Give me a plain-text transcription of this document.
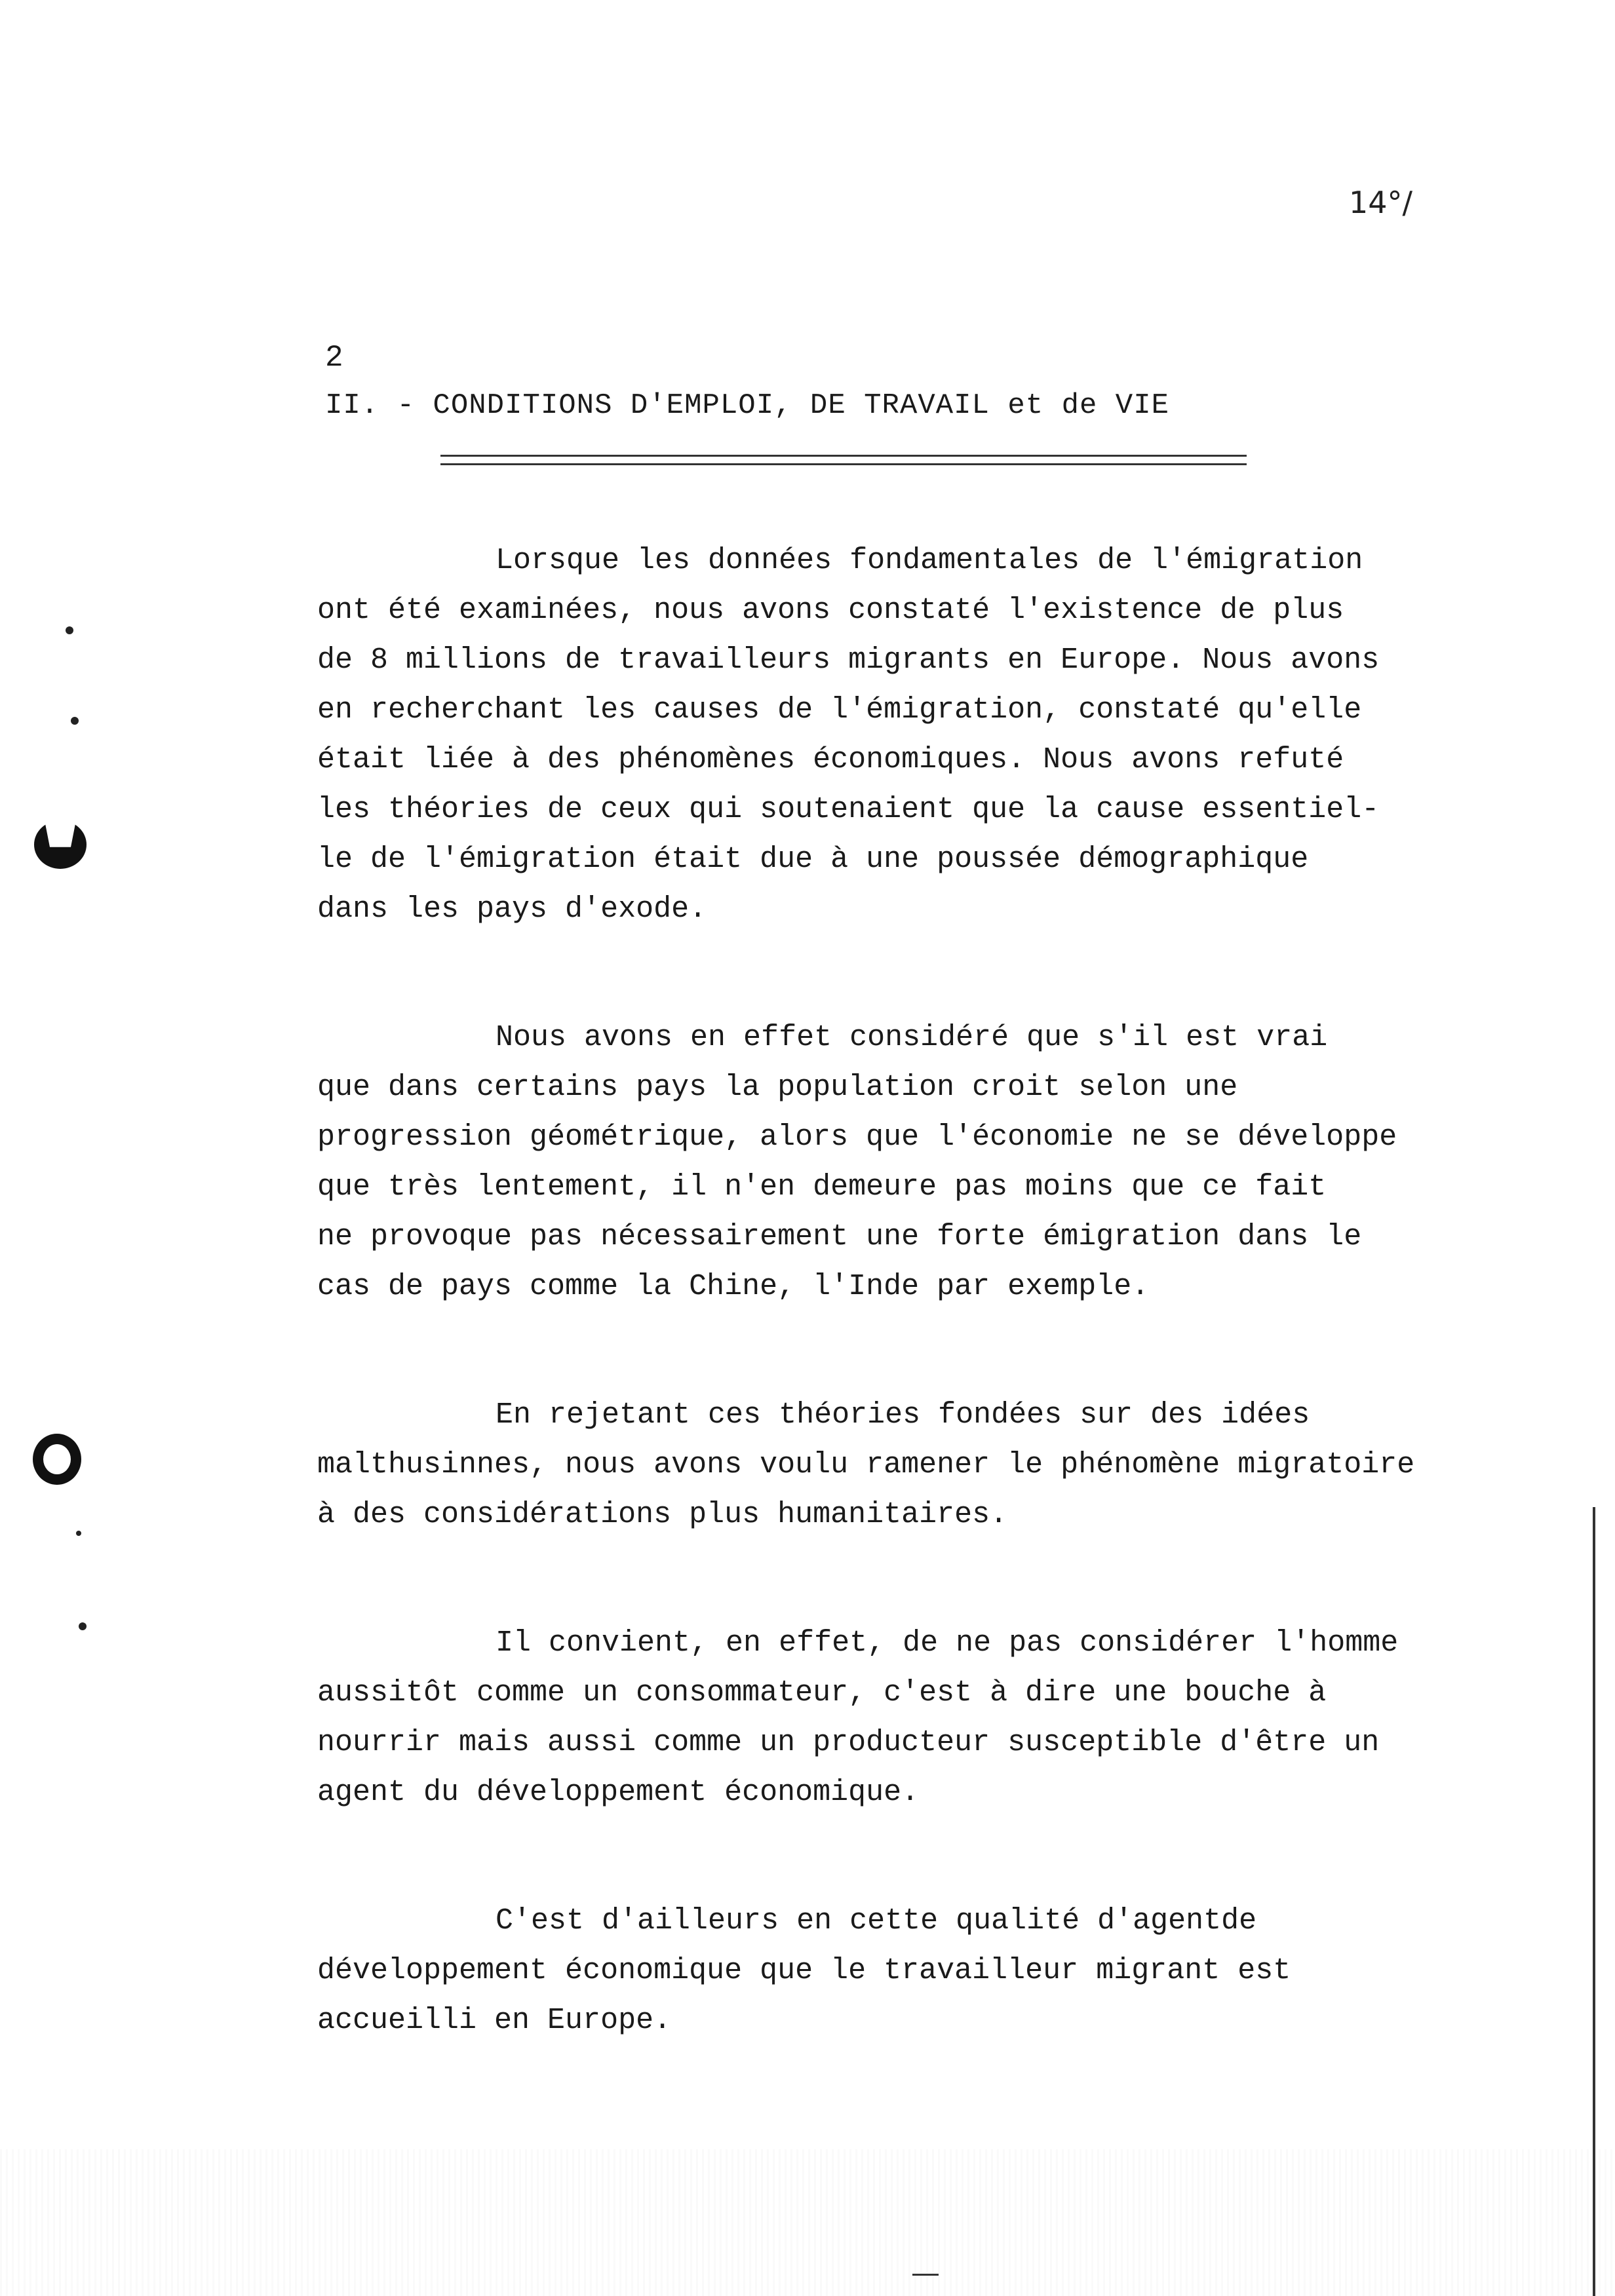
14°/
2
II. - CONDITIONS D'EMPLOI, DE TRAVAIL et de VIE
Lorsque les données fondamentales de l'émigration
ont été examinées, nous avons constaté l'existence de plus
de 8 millions de travailleurs migrants en Europe. Nous avons
en recherchant les causes de l'émigration, constaté qu'elle
était liée à des phénomènes économiques. Nous avons refuté
les théories de ceux qui soutenaient que la cause essentiel-
le de l'émigration était due à une poussée démographique
dans les pays d'exode.
Nous avons en effet considéré que s'il est vrai
que dans certains pays la population croit selon une
progression géométrique, alors que l'économie ne se développe
que très lentement, il n'en demeure pas moins que ce fait
ne provoque pas nécessairement une forte émigration dans le
cas de pays comme la Chine, l'Inde par exemple.
En rejetant ces théories fondées sur des idées
malthusinnes, nous avons voulu ramener le phénomène migratoire
à des considérations plus humanitaires.
Il convient, en effet, de ne pas considérer l'homme
aussitôt comme un consommateur, c'est à dire une bouche à
nourrir mais aussi comme un producteur susceptible d'être un
agent du développement économique.
C'est d'ailleurs en cette qualité d'agentde
développement économique que le travailleur migrant est
accueilli en Europe.
